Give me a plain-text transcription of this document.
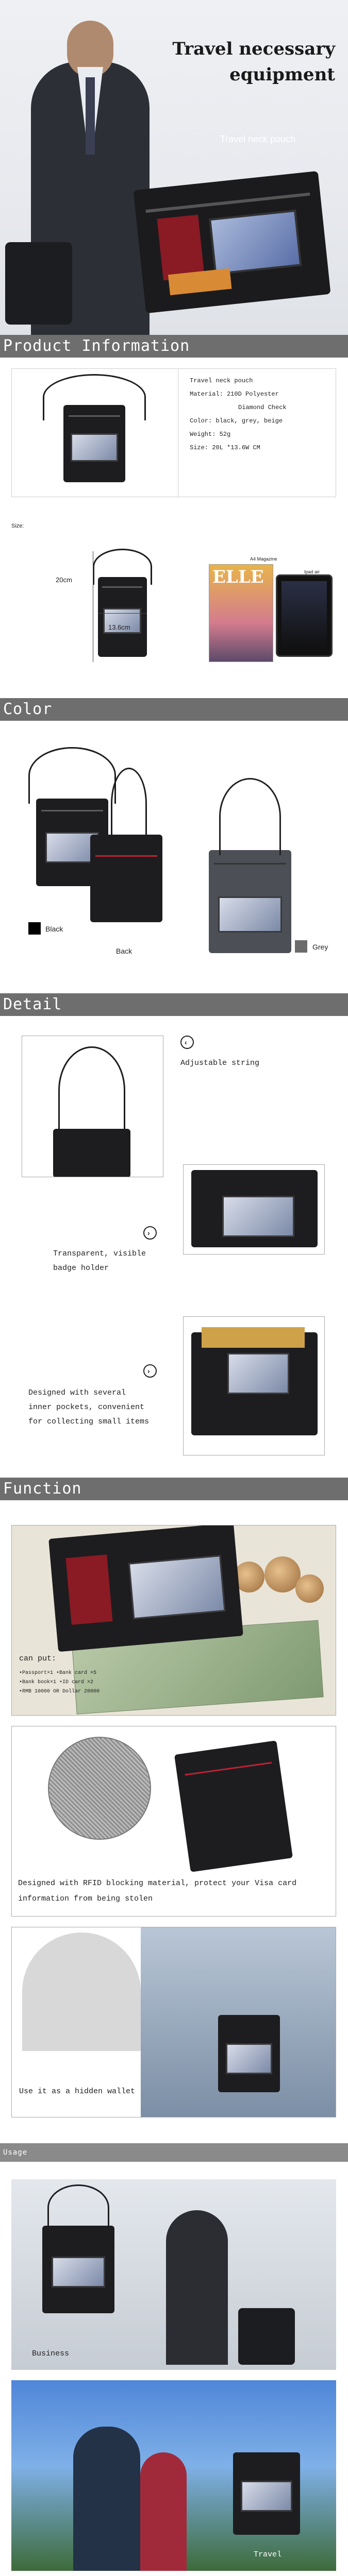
Travel necessary
equipment
Travel neck pouch
Product Information
Travel neck pouch
Material: 210D Polyester
Diamond Check
Color: black, grey, beige
Weight: 52g
Size: 20L *13.6W CM
Size:
20cm
13.6cm
A4 Magazine
ELLE	Ipad air
Color
Black
Back	Grey
Detail
‹
Adjustable string
›
Transparent, visible
badge holder
›
Designed with several
inner pockets, convenient
for collecting small items
Function
can put:
•Passport×1 •Bank card ×5
•Bank book×1 •ID card ×2
•RMB 10000 OR Dollar 20000
Designed with RFID blocking material, protect your Visa card information from being stolen
Use it as a hidden wallet
Usage
Business
Travel
